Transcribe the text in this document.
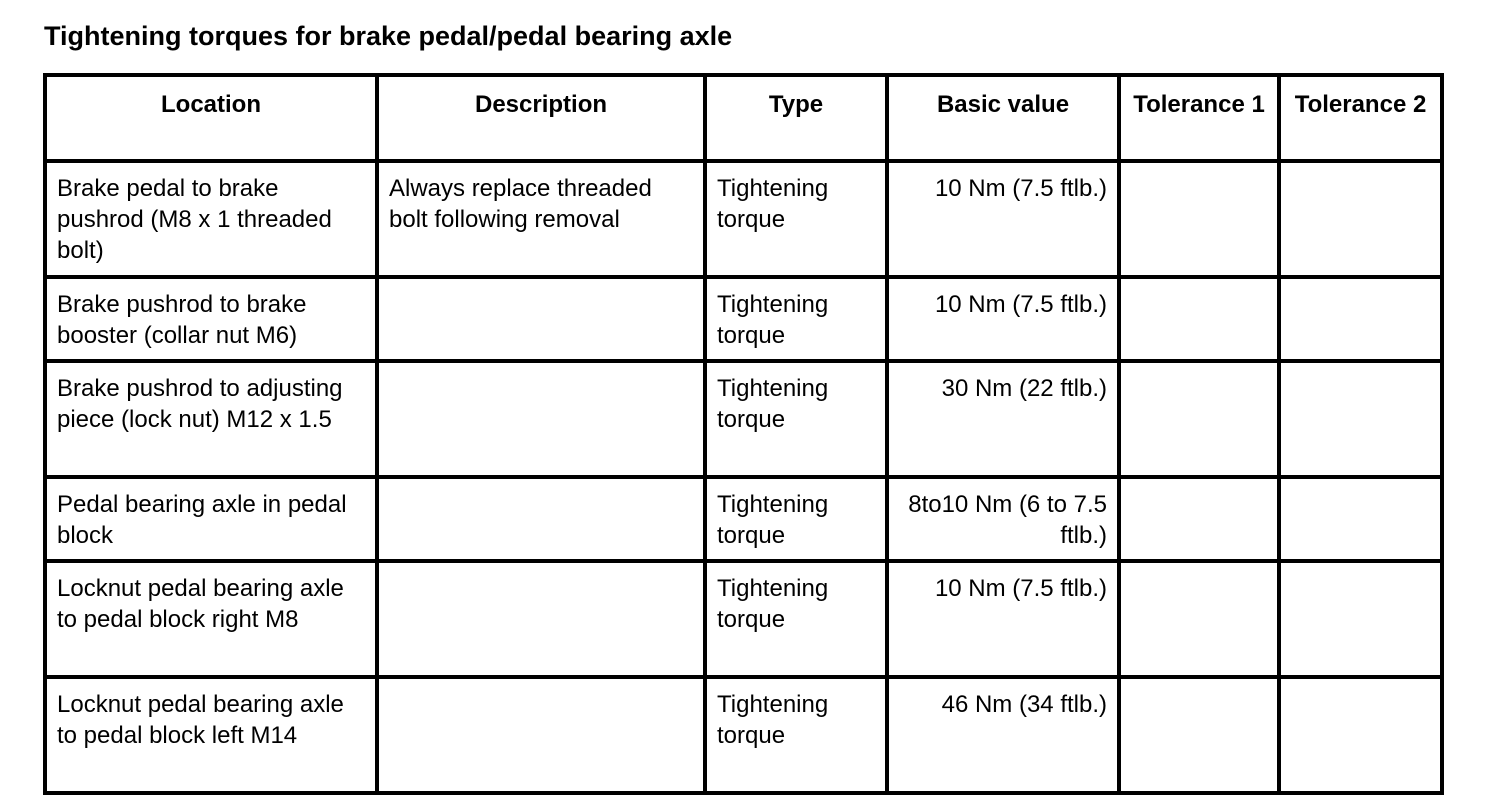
Tightening torques for brake pedal/pedal bearing axle
Location	Description	Type	Basic value	Tolerance 1	Tolerance 2
Brake pedal to brake pushrod (M8 x 1 threaded bolt)	Always replace threaded bolt following removal	Tightening torque	10 Nm (7.5 ftlb.)		
Brake pushrod to brake booster (collar nut M6)		Tightening torque	10 Nm (7.5 ftlb.)		
Brake pushrod to adjusting piece (lock nut) M12 x 1.5		Tightening torque	30 Nm (22 ftlb.)		
Pedal bearing axle in pedal block		Tightening torque	8to10 Nm (6 to 7.5 ftlb.)		
Locknut pedal bearing axle to pedal block right M8		Tightening torque	10 Nm (7.5 ftlb.)		
Locknut pedal bearing axle to pedal block left M14		Tightening torque	46 Nm (34 ftlb.)		
